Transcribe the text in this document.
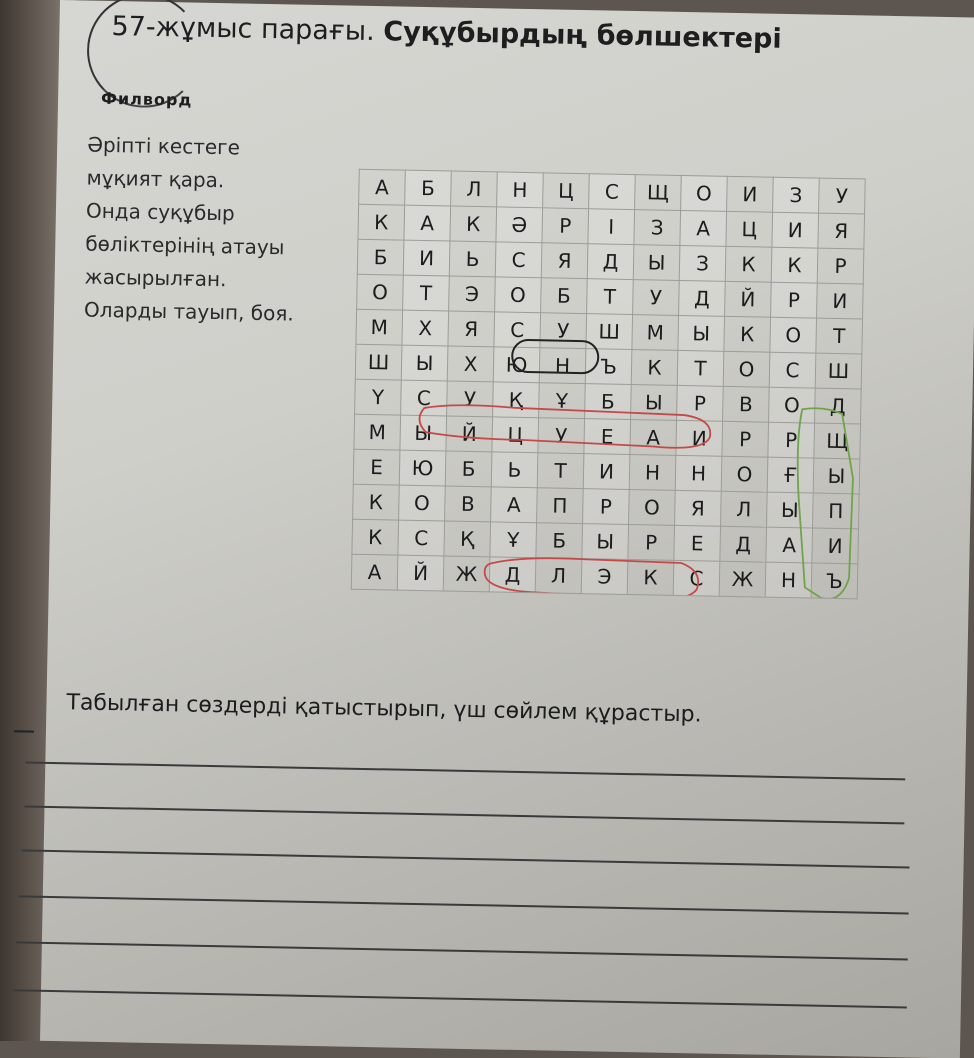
57-жұмыс парағы. Суқұбырдың бөлшектері
Филворд
Әріпті кестеге
мұқият қара.
Онда суқұбыр
бөліктерінің атауы
жасырылған.
Оларды тауып, боя.
А	Б	Л	Н	Ц	С	Щ	О	И	З	У
К	А	К	Ә	Р	І	З	А	Ц	И	Я
Б	И	Ь	С	Я	Д	Ы	З	К	К	Р
О	Т	Э	О	Б	Т	У	Д	Й	Р	И
М	Х	Я	С	У	Ш	М	Ы	К	О	Т
Ш	Ы	Х	Ю	Н	Ъ	К	Т	О	С	Ш
Ү	С	У	Қ	Ұ	Б	Ы	Р	В	О	Д
М	Ы	Й	Ц	У	Е	А	И	Р	Р	Щ
Е	Ю	Б	Ь	Т	И	Н	Н	О	Ғ	Ы
К	О	В	А	П	Р	О	Я	Л	Ы	П
К	С	Қ	Ұ	Б	Ы	Р	Е	Д	А	И
А	Й	Ж	Д	Л	Э	К	С	Ж	Н	Ъ
Табылған сөздерді қатыстырып, үш сөйлем құрастыр.
